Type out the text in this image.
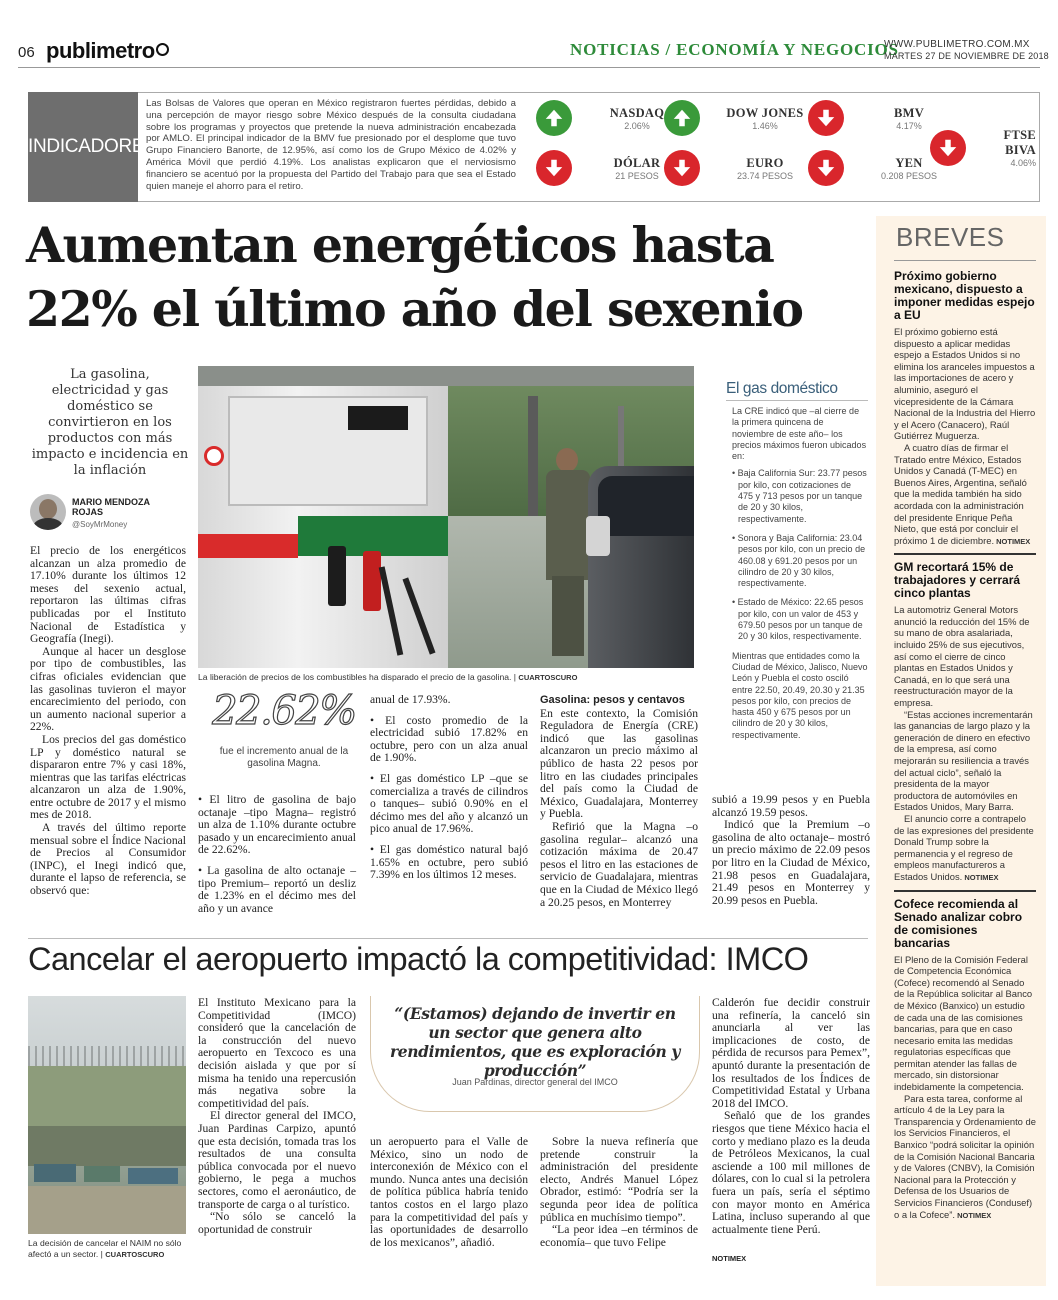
06 publimetro	NOTICIAS / ECONOMÍA Y NEGOCIOS
WWW.PUBLIMETRO.COM.MX
MARTES 27 DE NOVIEMBRE DE 2018
INDICADORES
Las Bolsas de Valores que operan en México registraron fuertes pérdidas, debido a una percepción de mayor riesgo sobre México después de la consulta ciudadana sobre los programas y proyectos que pretende la nueva administración encabezada por AMLO. El principal indicador de la BMV fue presionado por el desplome que tuvo Grupo Financiero Banorte, de 12.95%, así como los de Grupo México de 4.02% y América Móvil que perdió 4.19%. Los analistas explicaron que el nerviosismo financiero se acentuó por la propuesta del Partido del Trabajo para que sea el Estado quien maneje el ahorro para el retiro.
NASDAQ
2.06%
DOW JONES
1.46%
BMV
4.17%
DÓLAR
21 PESOS
EURO
23.74 PESOS
YEN
0.208 PESOS
FTSE BIVA
4.06%
Aumentan energéticos hasta
22% el último año del sexenio
La gasolina, electricidad y gas doméstico se convirtieron en los productos con más impacto e incidencia en la inflación
MARIO MENDOZA ROJAS
@SoyMrMoney

El precio de los energéticos alcanzan un alza promedio de 17.10% durante los últimos 12 meses del sexenio actual, reportaron las últimas cifras publicadas por el Instituto Nacional de Estadística y Geografía (Inegi).

Aunque al hacer un desglose por tipo de combustibles, las cifras oficiales evidencian que las gasolinas tuvieron el mayor encarecimiento del periodo, con un aumento nacional superior a 22%.

Los precios del gas doméstico LP y doméstico natural se dispararon entre 7% y casi 18%, mientras que las tarifas eléctricas alcanzaron un alza de 1.90%, entre octubre de 2017 y el mismo mes de 2018.

A través del último reporte mensual sobre el Índice Nacional de Precios al Consumidor (INPC), el Inegi indicó que, durante el lapso de referencia, se observó que:

La liberación de precios de los combustibles ha disparado el precio de la gasolina. | CUARTOSCURO
22.62%
fue el incremento anual de la gasolina Magna.

• El litro de gasolina de bajo octanaje –tipo Magna– registró un alza de 1.10% durante octubre pasado y un encarecimiento anual de 22.62%.

• La gasolina de alto octanaje –tipo Premium– reportó un desliz de 1.23% en el décimo mes del año y un avance

anual de 17.93%.

• El costo promedio de la electricidad subió 17.82% en octubre, pero con un alza anual de 1.90%.

• El gas doméstico LP –que se comercializa a través de cilindros o tanques– subió 0.90% en el décimo mes del año y alcanzó un pico anual de 17.96%.

• El gas doméstico natural bajó 1.65% en octubre, pero subió 7.39% en los últimos 12 meses.

Gasolina: pesos y centavos

En este contexto, la Comisión Reguladora de Energía (CRE) indicó que las gasolinas alcanzaron un precio máximo al público de hasta 22 pesos por litro en las ciudades principales del país como la Ciudad de México, Guadalajara, Monterrey y Puebla.

Refirió que la Magna –o gasolina regular– alcanzó una cotización máxima de 20.47 pesos el litro en las estaciones de servicio de Guadalajara, mientras que en la Ciudad de México llegó a 20.25 pesos, en Monterrey

subió a 19.99 pesos y en Puebla alcanzó 19.59 pesos.

Indicó que la Premium –o gasolina de alto octanaje– mostró un precio máximo de 22.09 pesos por litro en la Ciudad de México, 21.98 pesos en Guadalajara, 21.49 pesos en Monterrey y 20.99 pesos en Puebla.

El gas doméstico

La CRE indicó que –al cierre de la primera quincena de noviembre de este año– los precios máximos fueron ubicados en:

• Baja California Sur: 23.77 pesos por kilo, con cotizaciones de 475 y 713 pesos por un tanque de 20 y 30 kilos, respectivamente.

• Sonora y Baja California: 23.04 pesos por kilo, con un precio de 460.08 y 691.20 pesos por un cilindro de 20 y 30 kilos, respectivamente.

• Estado de México: 22.65 pesos por kilo, con un valor de 453 y 679.50 pesos por un tanque de 20 y 30 kilos, respectivamente.

Mientras que entidades como la Ciudad de México, Jalisco, Nuevo León y Puebla el costo osciló entre 22.50, 20.49, 20.30 y 21.35 pesos por kilo, con precios de hasta 450 y 675 pesos por un cilindro de 20 y 30 kilos, respectivamente.

BREVES
Próximo gobierno mexicano, dispuesto a imponer medidas espejo a EU

El próximo gobierno está dispuesto a aplicar medidas espejo a Estados Unidos si no elimina los aranceles impuestos a las importaciones de acero y aluminio, aseguró el vicepresidente de la Cámara Nacional de la Industria del Hierro y el Acero (Canacero), Raúl Gutiérrez Muguerza.

A cuatro días de firmar el Tratado entre México, Estados Unidos y Canadá (T-MEC) en Buenos Aires, Argentina, señaló que la medida también ha sido acordada con la administración del presidente Enrique Peña Nieto, que está por concluir el próximo 1 de diciembre. NOTIMEX

GM recortará 15% de trabajadores y cerrará cinco plantas

La automotriz General Motors anunció la reducción del 15% de su mano de obra asalariada, incluido 25% de sus ejecutivos, así como el cierre de cinco plantas en Estados Unidos y Canadá, en lo que será una reestructuración mayor de la empresa.

“Estas acciones incrementarán las ganancias de largo plazo y la generación de dinero en efectivo de la empresa, así como mejorarán su resiliencia a través del actual ciclo”, señaló la presidenta de la mayor productora de automóviles en Estados Unidos, Mary Barra.

El anuncio corre a contrapelo de las expresiones del presidente Donald Trump sobre la permanencia y el regreso de empleos manufactureros a Estados Unidos. NOTIMEX

Cofece recomienda al Senado analizar cobro de comisiones bancarias

El Pleno de la Comisión Federal de Competencia Económica (Cofece) recomendó al Senado de la República solicitar al Banco de México (Banxico) un estudio de cada una de las comisiones bancarias, para que en caso necesario emita las medidas regulatorias específicas que permitan atender las fallas de mercado, sin distorsionar indebidamente la competencia.

Para esta tarea, conforme al artículo 4 de la Ley para la Transparencia y Ordenamiento de los Servicios Financieros, el Banxico “podrá solicitar la opinión de la Comisión Nacional Bancaria y de Valores (CNBV), la Comisión Nacional para la Protección y Defensa de los Usuarios de Servicios Financieros (Condusef) o a la Cofece”. NOTIMEX

Cancelar el aeropuerto impactó la competitividad: IMCO
La decisión de cancelar el NAIM no sólo afectó a un sector. | CUARTOSCURO

El Instituto Mexicano para la Competitividad (IMCO) consideró que la cancelación de la construcción del nuevo aeropuerto en Texcoco es una decisión aislada y que por sí misma ha tenido una repercusión más negativa sobre la competitividad del país.

El director general del IMCO, Juan Pardinas Carpizo, apuntó que esta decisión, tomada tras los resultados de una consulta pública convocada por el nuevo gobierno, le pega a muchos sectores, como el aeronáutico, de transporte de carga o al turístico.

“No sólo se canceló la oportunidad de construir

“(Estamos) dejando de invertir en un sector que genera alto rendimientos, que es exploración y producción”
Juan Pardinas, director general del IMCO

un aeropuerto para el Valle de México, sino un nodo de interconexión de México con el mundo. Nunca antes una decisión de política pública habría tenido tantos costos en el largo plazo para la competitividad del país y las oportunidades de desarrollo de los mexicanos”, añadió.

Sobre la nueva refinería que pretende construir la administración del presidente electo, Andrés Manuel López Obrador, estimó: “Podría ser la segunda peor idea de política pública en muchísimo tiempo”.

“La peor idea –en términos de economía– que tuvo Felipe

Calderón fue decidir construir una refinería, la canceló sin anunciarla al ver las implicaciones de costo, de pérdida de recursos para Pemex”, apuntó durante la presentación de los resultados de los Índices de Competitividad Estatal y Urbana 2018 del IMCO.

Señaló que de los grandes riesgos que tiene México hacia el corto y mediano plazo es la deuda de Petróleos Mexicanos, la cual asciende a 100 mil millones de dólares, con lo cual si la petrolera fuera un país, sería el séptimo con mayor monto en América Latina, incluso superando al que actualmente tiene Perú.

NOTIMEX
